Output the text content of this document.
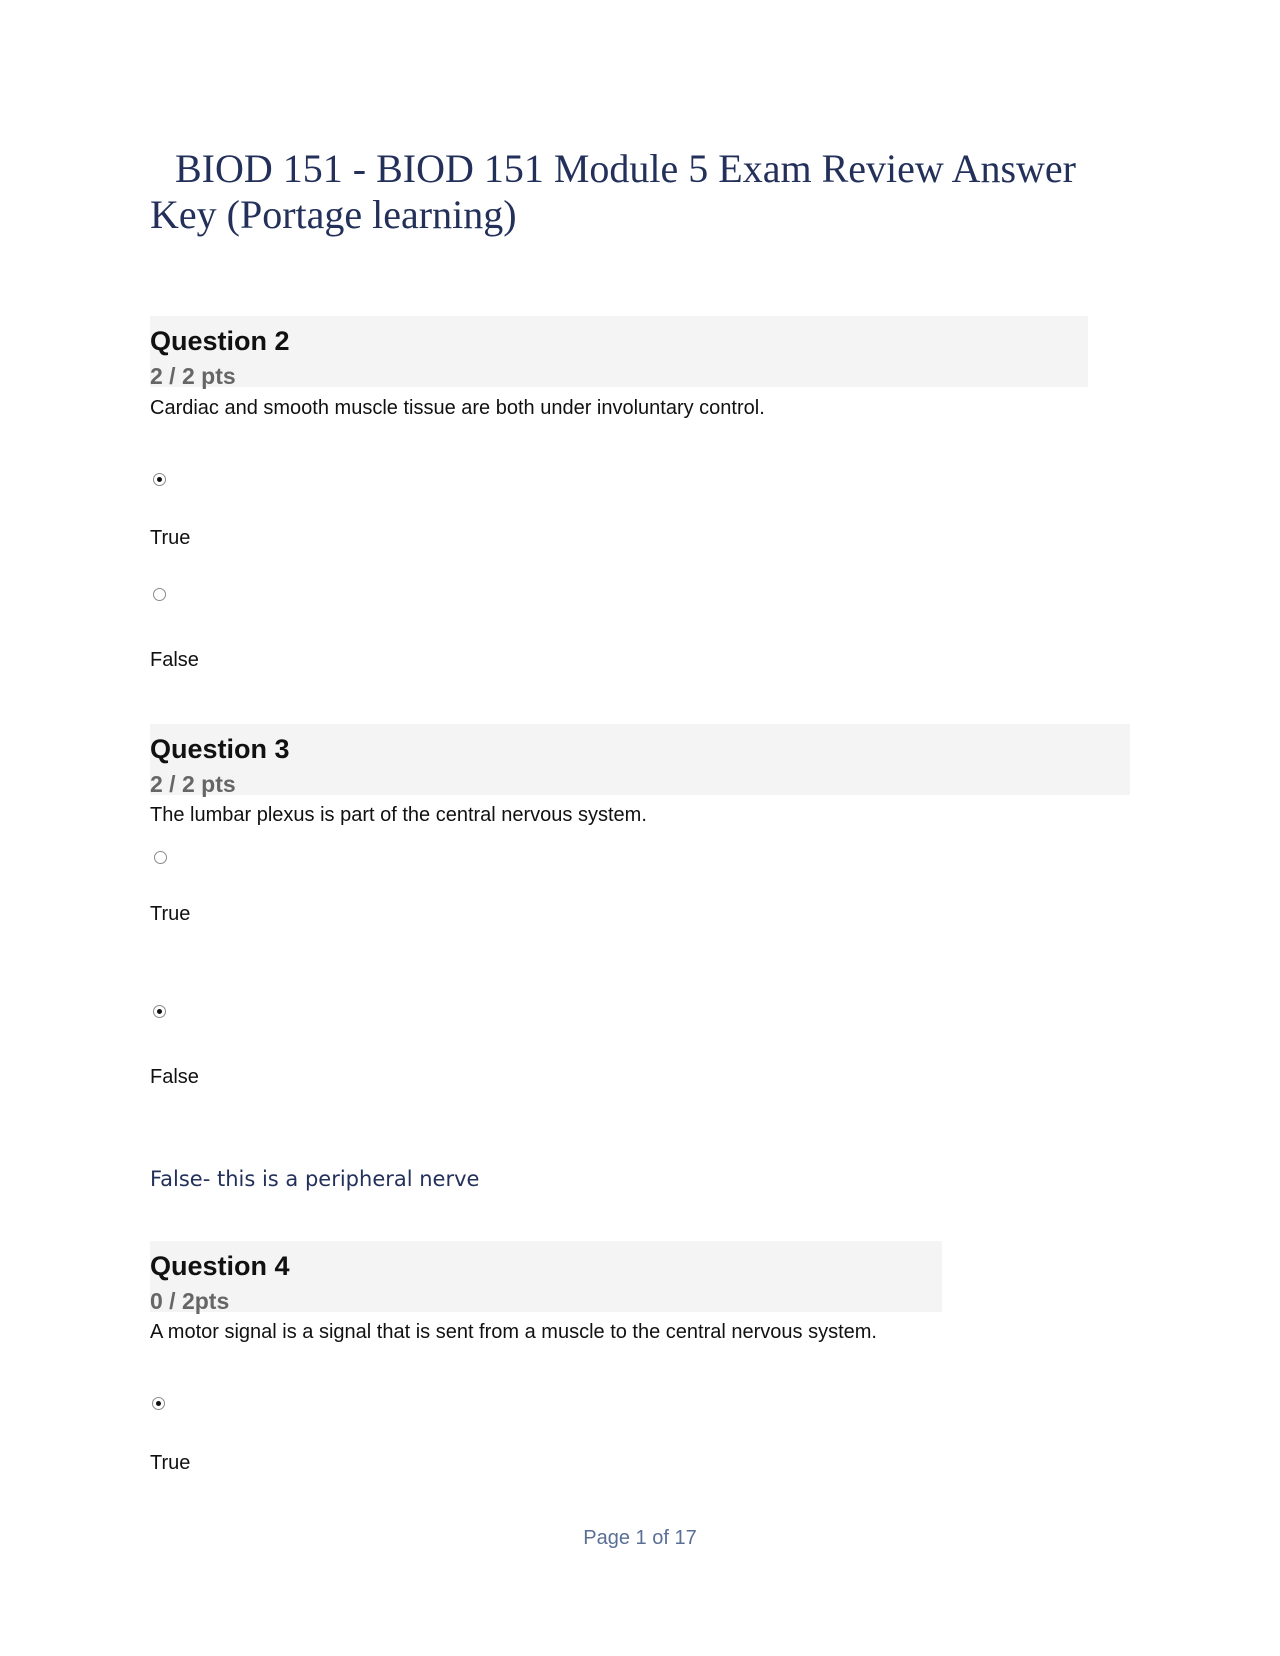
BIOD 151 - BIOD 151 Module 5 Exam Review Answer Key (Portage learning)
Question 2
2 / 2 pts
Cardiac and smooth muscle tissue are both under involuntary control.
True
False
Question 3
2 / 2 pts
The lumbar plexus is part of the central nervous system.
True
False
False- this is a peripheral nerve
Question 4
0 / 2pts
A motor signal is a signal that is sent from a muscle to the central nervous system.
True
Page 1 of 17
